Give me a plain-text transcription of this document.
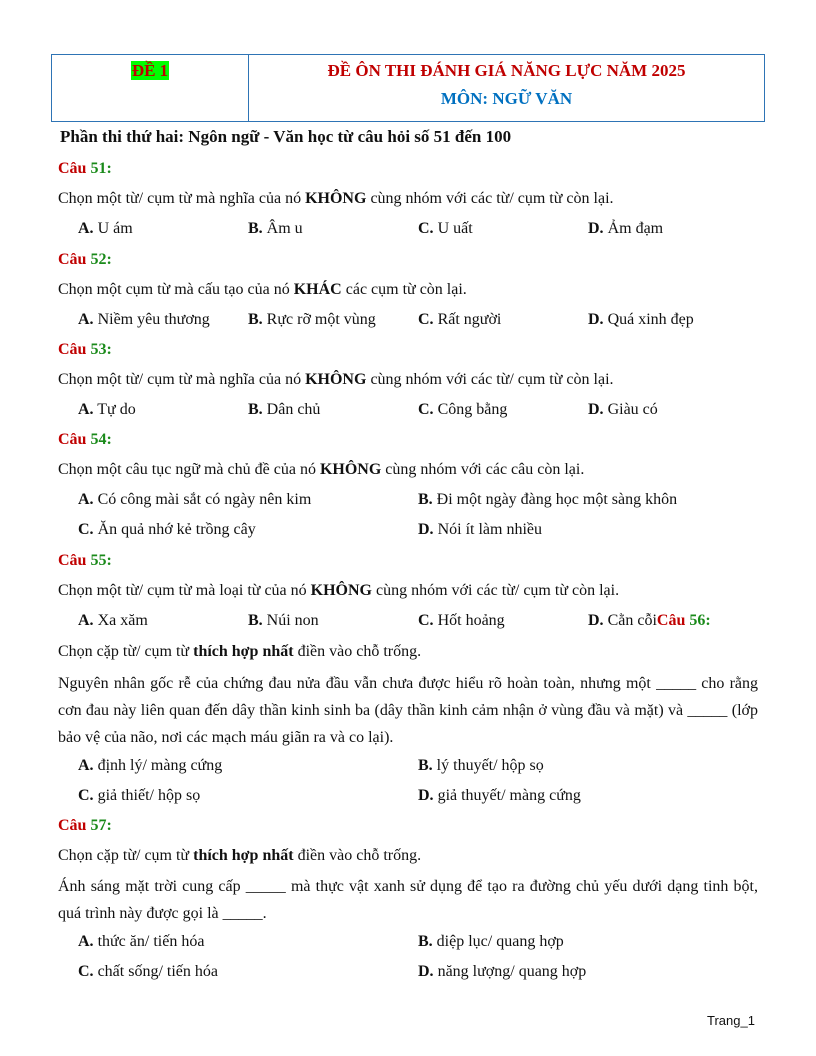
ĐỀ 1	ĐỀ ÔN THI ĐÁNH GIÁ NĂNG LỰC NĂM 2025
MÔN: NGỮ VĂN
Phần thi thứ hai: Ngôn ngữ - Văn học từ câu hỏi số 51 đến 100
Câu 51:
Chọn một từ/ cụm từ mà nghĩa của nó KHÔNG cùng nhóm với các từ/ cụm từ còn lại.
A. U ám	B. Âm u	C. U uất	D. Ảm đạm
Câu 52:
Chọn một cụm từ mà cấu tạo của nó KHÁC các cụm từ còn lại.
A. Niềm yêu thương B. Rực rỡ một vùng	C. Rất người	D. Quá xinh đẹp
Câu 53:
Chọn một từ/ cụm từ mà nghĩa của nó KHÔNG cùng nhóm với các từ/ cụm từ còn lại.
A. Tự do	B. Dân chủ	C. Công bằng	D. Giàu có
Câu 54:
Chọn một câu tục ngữ mà chủ đề của nó KHÔNG cùng nhóm với các câu còn lại.
A. Có công mài sắt có ngày nên kim	B. Đi một ngày đàng học một sàng khôn
C. Ăn quả nhớ kẻ trồng cây	D. Nói ít làm nhiều
Câu 55:
Chọn một từ/ cụm từ mà loại từ của nó KHÔNG cùng nhóm với các từ/ cụm từ còn lại.
A. Xa xăm	B. Núi non	C. Hốt hoảng	D. Cằn cỗiCâu 56:
Chọn cặp từ/ cụm từ thích hợp nhất điền vào chỗ trống.
Nguyên nhân gốc rễ của chứng đau nửa đầu vẫn chưa được hiểu rõ hoàn toàn, nhưng một _____ cho rằng cơn đau này liên quan đến dây thần kinh sinh ba (dây thần kinh cảm nhận ở vùng đầu và mặt) và _____ (lớp bảo vệ của não, nơi các mạch máu giãn ra và co lại).
A. định lý/ màng cứng	B. lý thuyết/ hộp sọ
C. giả thiết/ hộp sọ	D. giả thuyết/ màng cứng
Câu 57:
Chọn cặp từ/ cụm từ thích hợp nhất điền vào chỗ trống.
Ánh sáng mặt trời cung cấp _____ mà thực vật xanh sử dụng để tạo ra đường chủ yếu dưới dạng tinh bột, quá trình này được gọi là _____.
A. thức ăn/ tiến hóa	B. diệp lục/ quang hợp
C. chất sống/ tiến hóa	D. năng lượng/ quang hợp
Trang_1
